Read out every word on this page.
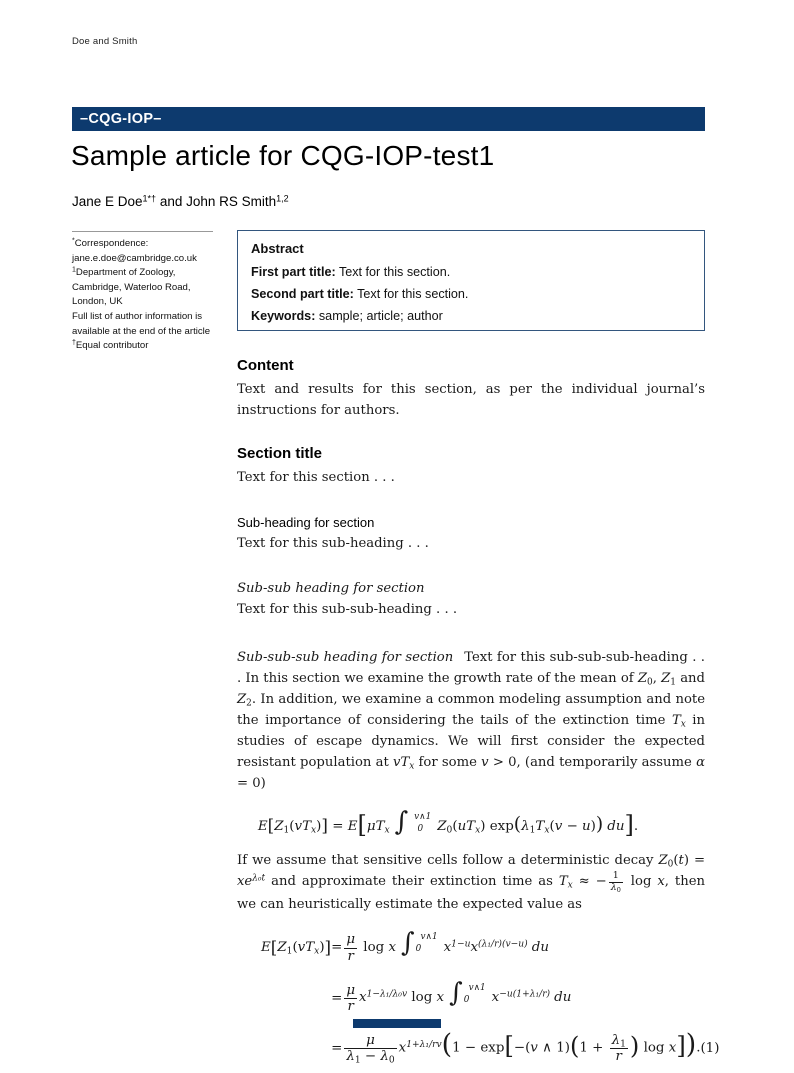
Doe and Smith
–CQG-IOP–
Sample article for CQG-IOP-test1
Jane E Doe$^{1*\dagger}$ and John RS Smith$^{1,2}$
*Correspondence:
jane.e.doe@cambridge.co.uk
$^1$Department of Zoology,
Cambridge, Waterloo Road,
London, UK
Full list of author information is
available at the end of the article
†Equal contributor
Abstract
First part title: Text for this section.
Second part title: Text for this section.
Keywords: sample; article; author
Content

Text and results for this section, as per the individual journal’s instructions for authors.

Section title

Text for this section . . .

Sub-heading for section

Text for this sub-heading . . .

Sub-sub heading for section

Text for this sub-sub-heading . . .

Sub-sub-sub heading for section Text for this sub-sub-sub-heading . . . In this section we examine the growth rate of the mean of $Z_0$, $Z_1$ and $Z_2$. In addition, we examine a common modeling assumption and note the importance of considering the tails of the extinction time $T_x$ in studies of escape dynamics. We will first consider the expected resistant population at $vT_x$ for some v > 0, (and temporarily assume α = 0)

$E[Z_1(vT_x)] = E[\mu T_x$ ∫ v∧1
0	$Z_0(uT_x) \exp(\lambda_1T_x(v - u))$ du].

If we assume that sensitive cells follow a deterministic decay $Z_0(t) = xe^{\lambda_0t}$ and approximate their extinction time as $T_x$ ≈ − $\frac{1}{\lambda_0}$ log x, then we can heuristically estimate the expected value as

$E[Z_1(vT_x)]$	=	$\frac{\mu}{r}$ log x ∫ v∧1
0	$x^{1-u}x^{(\lambda_1/r)(v-u)}$ du	
	=	$\frac{\mu}{r} x^{1-\lambda_1/\lambda_0v}$ log x ∫ v∧1
0	$x^{-u(1+\lambda_1/r)}$ du	
	=	$\frac{\mu}{\lambda_1 - \lambda_0} x^{1+\lambda_1/rv}(1 - \exp[-(v$ ∧ $1)(1 + \frac{\lambda_1}{r}$ ) log x]).	(1)
